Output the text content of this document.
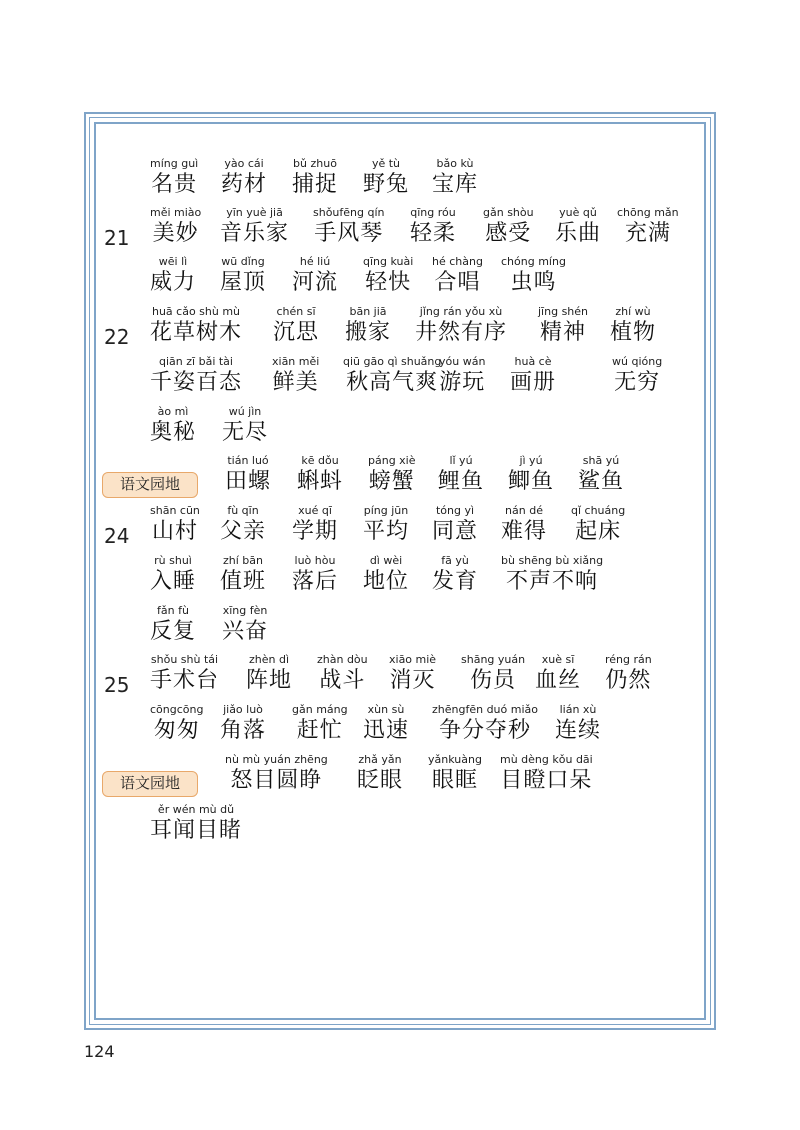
míng guì
名贵
yào cái
药材
bǔ zhuō
捕捉
yě tù
野兔
bǎo kù
宝库
21
měi miào
美妙
yīn yuè jiā
音乐家
shǒufēng qín
手风琴
qīng róu
轻柔
gǎn shòu
感受
yuè qǔ
乐曲
chōng mǎn
充满
wēi lì
威力
wū dǐng
屋顶
hé liú
河流
qīng kuài
轻快
hé chàng
合唱
chóng míng
虫鸣
22
huā cǎo shù mù
花草树木
chén sī
沉思
bān jiā
搬家
jǐng rán yǒu xù
井然有序
jīng shén
精神
zhí wù
植物
qiān zī bǎi tài
千姿百态
xiān měi
鲜美
qiū gāo qì shuǎng
秋高气爽
yóu wán
游玩
huà cè
画册
wú qióng
无穷
ào mì
奥秘
wú jìn
无尽
语文园地
tián luó
田螺
kē dǒu
蝌蚪
páng xiè
螃蟹
lǐ yú
鲤鱼
jì yú
鲫鱼
shā yú
鲨鱼
24
shān cūn
山村
fù qīn
父亲
xué qī
学期
píng jūn
平均
tóng yì
同意
nán dé
难得
qǐ chuáng
起床
rù shuì
入睡
zhí bān
值班
luò hòu
落后
dì wèi
地位
fā yù
发育
bù shēng bù xiǎng
不声不响
fǎn fù
反复
xīng fèn
兴奋
25
shǒu shù tái
手术台
zhèn dì
阵地
zhàn dòu
战斗
xiāo miè
消灭
shāng yuán
伤员
xuè sī
血丝
réng rán
仍然
cōngcōng
匆匆
jiǎo luò
角落
gǎn máng
赶忙
xùn sù
迅速
zhēngfēn duó miǎo
争分夺秒
lián xù
连续
语文园地
nù mù yuán zhēng
怒目圆睁
zhǎ yǎn
眨眼
yǎnkuàng
眼眶
mù dèng kǒu dāi
目瞪口呆
ěr wén mù dǔ
耳闻目睹
124
